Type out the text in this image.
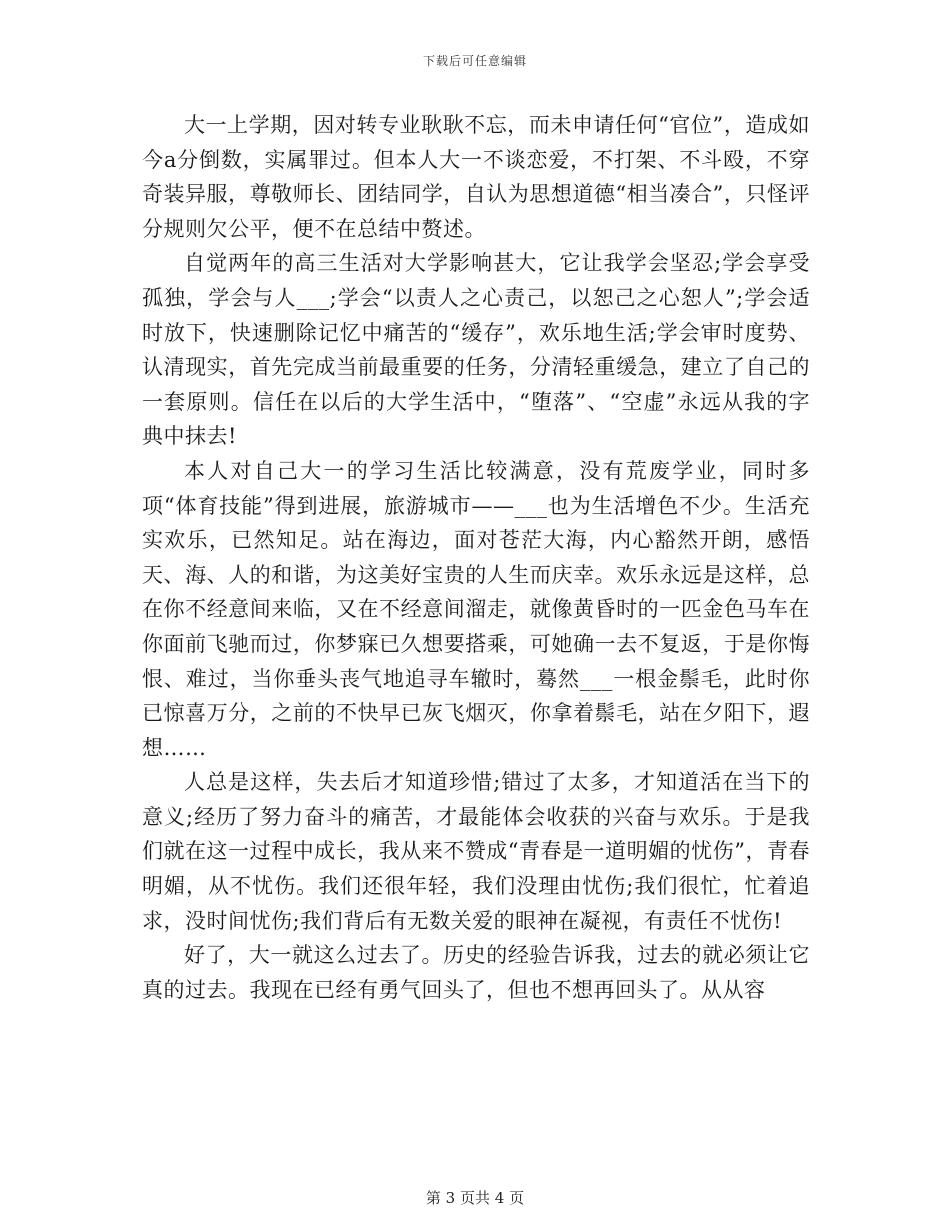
下载后可任意编辑

大一上学期，因对转专业耿耿不忘，而未申请任何“官位”，造成如今a分倒数，实属罪过。但本人大一不谈恋爱，不打架、不斗殴，不穿奇装异服，尊敬师长、团结同学，自认为思想道德“相当凑合”，只怪评分规则欠公平，便不在总结中赘述。

自觉两年的高三生活对大学影响甚大，它让我学会坚忍;学会享受孤独，学会与人___;学会“以责人之心责己，以恕己之心恕人”;学会适时放下，快速删除记忆中痛苦的“缓存”，欢乐地生活;学会审时度势、认清现实，首先完成当前最重要的任务，分清轻重缓急，建立了自己的一套原则。信任在以后的大学生活中，“堕落”、“空虚”永远从我的字典中抹去!

本人对自己大一的学习生活比较满意，没有荒废学业，同时多项“体育技能”得到进展，旅游城市——___也为生活增色不少。生活充实欢乐，已然知足。站在海边，面对苍茫大海，内心豁然开朗，感悟天、海、人的和谐，为这美好宝贵的人生而庆幸。欢乐永远是这样，总在你不经意间来临，又在不经意间溜走，就像黄昏时的一匹金色马车在你面前飞驰而过，你梦寐已久想要搭乘，可她确一去不复返，于是你悔恨、难过，当你垂头丧气地追寻车辙时，蓦然___一根金鬃毛，此时你已惊喜万分，之前的不快早已灰飞烟灭，你拿着鬃毛，站在夕阳下，遐想……

人总是这样，失去后才知道珍惜;错过了太多，才知道活在当下的意义;经历了努力奋斗的痛苦，才最能体会收获的兴奋与欢乐。于是我们就在这一过程中成长，我从来不赞成“青春是一道明媚的忧伤”，青春明媚，从不忧伤。我们还很年轻，我们没理由忧伤;我们很忙，忙着追求，没时间忧伤;我们背后有无数关爱的眼神在凝视，有责任不忧伤!

好了，大一就这么过去了。历史的经验告诉我，过去的就必须让它真的过去。我现在已经有勇气回头了，但也不想再回头了。从从容

第 3 页共 4 页
